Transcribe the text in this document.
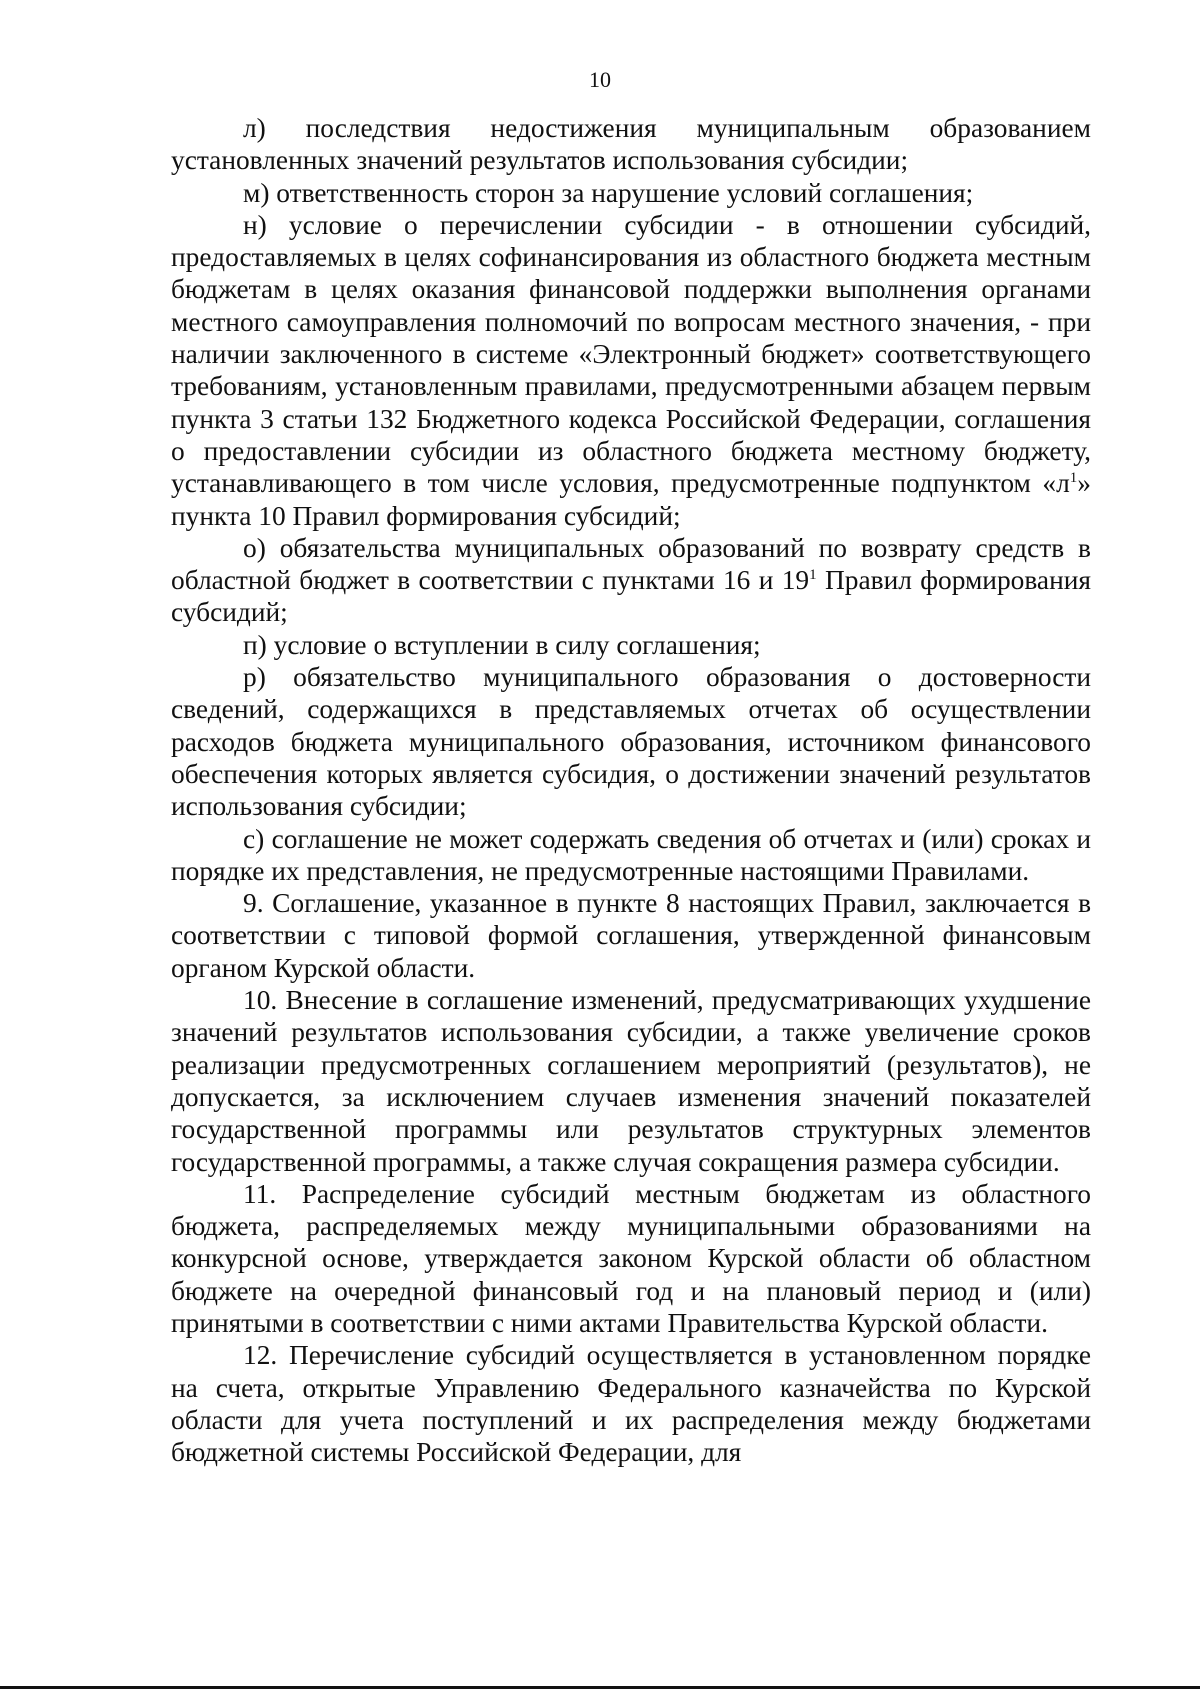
10

л) последствия недостижения муниципальным образованием установленных значений результатов использования субсидии;

м) ответственность сторон за нарушение условий соглашения;

н) условие о перечислении субсидии - в отношении субсидий, предоставляемых в целях софинансирования из областного бюджета местным бюджетам в целях оказания финансовой поддержки выполнения органами местного самоуправления полномочий по вопросам местного значения, - при наличии заключенного в системе «Электронный бюджет» соответствующего требованиям, установленным правилами, предусмотренными абзацем первым пункта 3 статьи 132 Бюджетного кодекса Российской Федерации, соглашения о предоставлении субсидии из областного бюджета местному бюджету, устанавливающего в том числе условия, предусмотренные подпунктом «$л^1$» пункта 10 Правил формирования субсидий;

о) обязательства муниципальных образований по возврату средств в областной бюджет в соответствии с пунктами 16 и $19^1$ Правил формирования субсидий;

п) условие о вступлении в силу соглашения;

р) обязательство муниципального образования о достоверности сведений, содержащихся в представляемых отчетах об осуществлении расходов бюджета муниципального образования, источником финансового обеспечения которых является субсидия, о достижении значений результатов использования субсидии;

с) соглашение не может содержать сведения об отчетах и (или) сроках и порядке их представления, не предусмотренные настоящими Правилами.

9. Соглашение, указанное в пункте 8 настоящих Правил, заключается в соответствии с типовой формой соглашения, утвержденной финансовым органом Курской области.

10. Внесение в соглашение изменений, предусматривающих ухудшение значений результатов использования субсидии, а также увеличение сроков реализации предусмотренных соглашением мероприятий (результатов), не допускается, за исключением случаев изменения значений показателей государственной программы или результатов структурных элементов государственной программы, а также случая сокращения размера субсидии.

11. Распределение субсидий местным бюджетам из областного бюджета, распределяемых между муниципальными образованиями на конкурсной основе, утверждается законом Курской области об областном бюджете на очередной финансовый год и на плановый период и (или) принятыми в соответствии с ними актами Правительства Курской области.

12. Перечисление субсидий осуществляется в установленном порядке на счета, открытые Управлению Федерального казначейства по Курской области для учета поступлений и их распределения между бюджетами бюджетной системы Российской Федерации, для
